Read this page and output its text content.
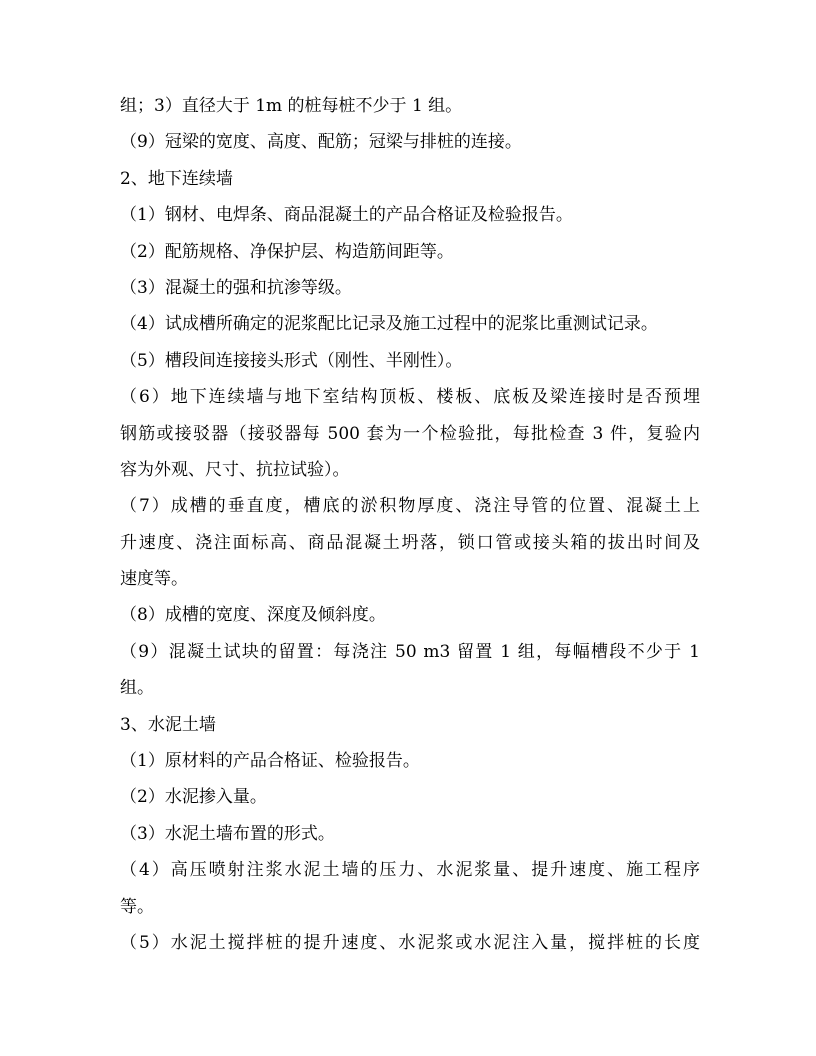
组；3）直径大于 1m 的桩每桩不少于 1 组。
（9）冠梁的宽度、高度、配筋；冠梁与排桩的连接。
2、地下连续墙
（1）钢材、电焊条、商品混凝土的产品合格证及检验报告。
（2）配筋规格、净保护层、构造筋间距等。
（3）混凝土的强和抗渗等级。
（4）试成槽所确定的泥浆配比记录及施工过程中的泥浆比重测试记录。
（5）槽段间连接接头形式（刚性、半刚性）。
（6）地下连续墙与地下室结构顶板、楼板、底板及梁连接时是否预埋
钢筋或接驳器（接驳器每 500 套为一个检验批，每批检查 3 件，复验内
容为外观、尺寸、抗拉试验）。
（7）成槽的垂直度，槽底的淤积物厚度、浇注导管的位置、混凝土上
升速度、浇注面标高、商品混凝土坍落，锁口管或接头箱的拔出时间及
速度等。
（8）成槽的宽度、深度及倾斜度。
（9）混凝土试块的留置：每浇注 50 m3 留置 1 组，每幅槽段不少于 1
组。
3、水泥土墙
（1）原材料的产品合格证、检验报告。
（2）水泥掺入量。
（3）水泥土墙布置的形式。
（4）高压喷射注浆水泥土墙的压力、水泥浆量、提升速度、施工程序
等。
（5）水泥土搅拌桩的提升速度、水泥浆或水泥注入量，搅拌桩的长度
